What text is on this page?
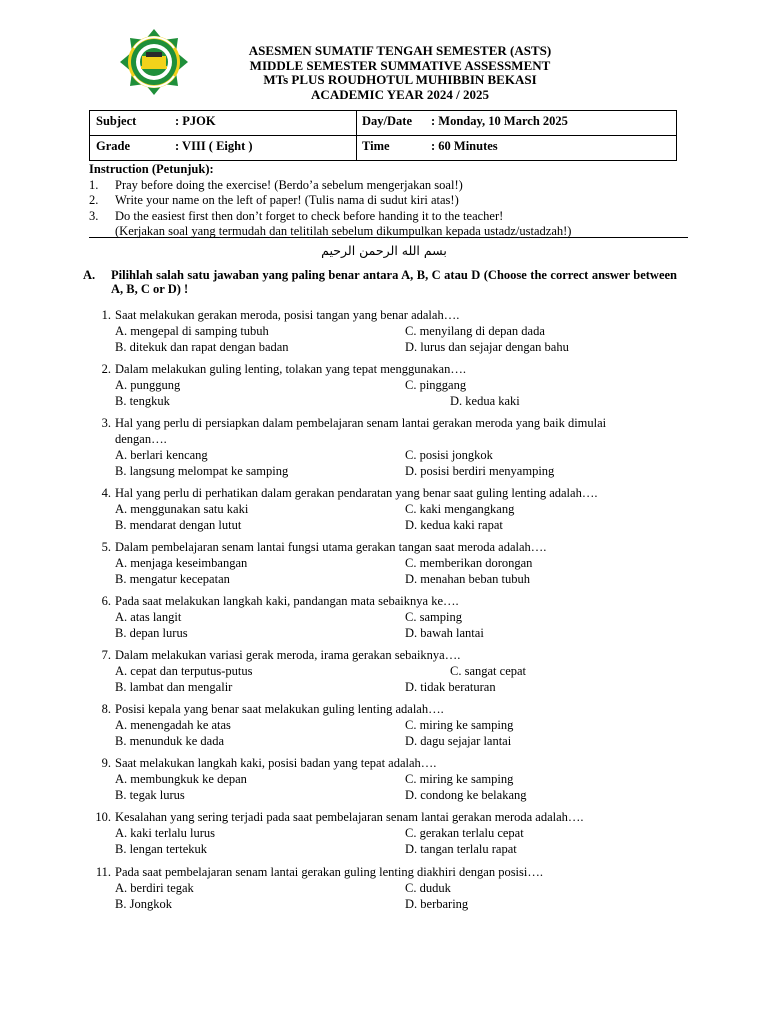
ASESMEN SUMATIF TENGAH SEMESTER (ASTS)
MIDDLE SEMESTER SUMMATIVE ASSESSMENT
MTs PLUS ROUDHOTUL MUHIBBIN BEKASI
ACADEMIC YEAR 2024 / 2025
Subject	: PJOK	Day/Date : Monday, 10 March 2025
Grade	: VIII ( Eight )	Time	: 60 Minutes
Instruction (Petunjuk):
1. Pray before doing the exercise! (Berdo’a sebelum mengerjakan soal!)
2. Write your name on the left of paper! (Tulis nama di sudut kiri atas!)
3. Do the easiest first then don’t forget to check before handing it to the teacher!
(Kerjakan soal yang termudah dan telitilah sebelum dikumpulkan kepada ustadz/ustadzah!)
بسم الله الرحمن الرحيم
A.	Pilihlah salah satu jawaban yang paling benar antara A, B, C atau D (Choose the correct answer between A, B, C or D) !
1. Saat melakukan gerakan meroda, posisi tangan yang benar adalah….
A. mengepal di samping tubuh	C. menyilang di depan dada
B. ditekuk dan rapat dengan badan	D. lurus dan sejajar dengan bahu
2. Dalam melakukan guling lenting, tolakan yang tepat menggunakan….
A. punggung	C. pinggang
B. tengkuk	D. kedua kaki
3. Hal yang perlu di persiapkan dalam pembelajaran senam lantai gerakan meroda yang baik dimulai
dengan….
A. berlari kencang	C. posisi jongkok
B. langsung melompat ke samping	D. posisi berdiri menyamping
4. Hal yang perlu di perhatikan dalam gerakan pendaratan yang benar saat guling lenting adalah….
A. menggunakan satu kaki	C. kaki mengangkang
B. mendarat dengan lutut	D. kedua kaki rapat
5. Dalam pembelajaran senam lantai fungsi utama gerakan tangan saat meroda adalah….
A. menjaga keseimbangan	C. memberikan dorongan
B. mengatur kecepatan	D. menahan beban tubuh
6. Pada saat melakukan langkah kaki, pandangan mata sebaiknya ke….
A. atas langit	C. samping
B. depan lurus	D. bawah lantai
7. Dalam melakukan variasi gerak meroda, irama gerakan sebaiknya….
A. cepat dan terputus-putus	C. sangat cepat
B. lambat dan mengalir	D. tidak beraturan
8. Posisi kepala yang benar saat melakukan guling lenting adalah….
A. menengadah ke atas	C. miring ke samping
B. menunduk ke dada	D. dagu sejajar lantai
9. Saat melakukan langkah kaki, posisi badan yang tepat adalah….
A. membungkuk ke depan	C. miring ke samping
B. tegak lurus	D. condong ke belakang
10. Kesalahan yang sering terjadi pada saat pembelajaran senam lantai gerakan meroda adalah….
A. kaki terlalu lurus	C. gerakan terlalu cepat
B. lengan tertekuk	D. tangan terlalu rapat
11. Pada saat pembelajaran senam lantai gerakan guling lenting diakhiri dengan posisi….
A. berdiri tegak	C. duduk
B. Jongkok	D. berbaring
